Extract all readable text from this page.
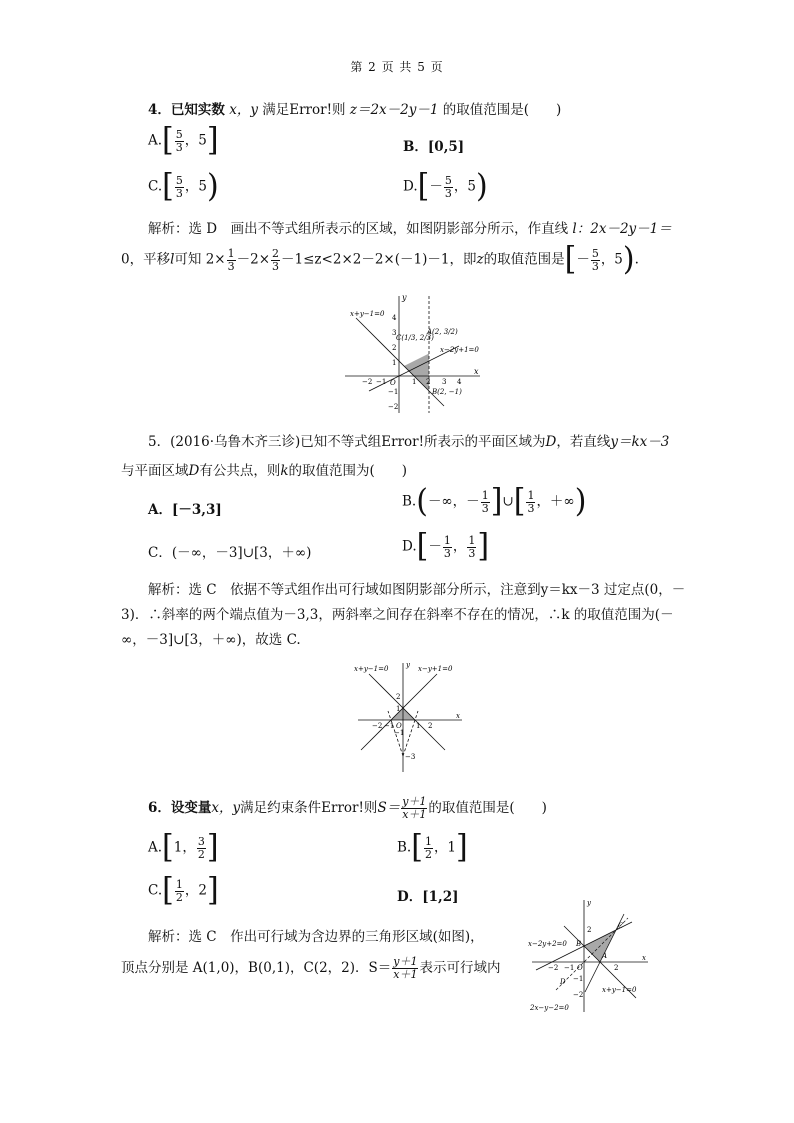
第 2 页 共 5 页
4．已知实数 x，y 满足Error!则 z＝2x－2y－1 的取值范围是(　　)
$A.[ \frac{5}{3}$ ，5]	B．[0,5]
$C.[ \frac{5}{3}$ ，5)	$D.[- \frac{5}{3}$ ，5)
解析：选 D　画出不等式组所表示的区域，如图阴影部分所示，作直线 l：2x－2y－1＝
0，平移l可知 $2\times \frac{1}{3} -2\times \frac{2}{3} -1\le z<2\times 2-2\times(-1)-1$，即z的取值范围是[－ $\frac{5}{3}$ ，5).
y
x
O
x+y−1=0
x−2y+1=0
C(1/3, 2/3)
A(2, 3/2)
B(2, −1)
−2 −1	1 2 3 4
4
3
2
1
−1
−2
5．(2016·乌鲁木齐三诊)已知不等式组Error!所表示的平面区域为D，若直线y＝kx－3
与平面区域D有公共点，则k的取值范围为(　　)
A．[－3,3]
B.(－∞，－ $\frac{1}{3}$ ]∪[ $\frac{1}{3}$ ，＋∞)
C．(－∞，－3]∪[3，＋∞)	$D.[- \frac{1}{3}$ ， $\frac{1}{3}$ ]
解析：选 C　依据不等式组作出可行域如图阴影部分所示，注意到y＝kx－3 过定点(0，－
3)．∴斜率的两个端点值为－3,3，两斜率之间存在斜率不存在的情况，∴k 的取值范围为(－
∞，－3]∪[3，＋∞)，故选 C.
y
x
O
x+y−1=0	x−y+1=0
−2 −1	1 2
2
1
−1
−3
6．设变量x，y满足约束条件Error!则$S= \frac{y+1}{x+1}$ 的取值范围是(　　)
A.[1， $\frac{3}{2}$ ]	$B.[ \frac{1}{2}$ ，1]
$C.[ \frac{1}{2}$ ，2]	D．[1,2]
解析：选 C　作出可行域为含边界的三角形区域(如图)，
顶点分别是 A(1,0)，B(0,1)，C(2，2)．$S= \frac{y+1}{x+1}$ 表示可行域内
y
x
O
x−2y+2=0
x+y−1=0
2x−y−2=0
A
B
C
D
−2 −1	2
2
−1
−2
